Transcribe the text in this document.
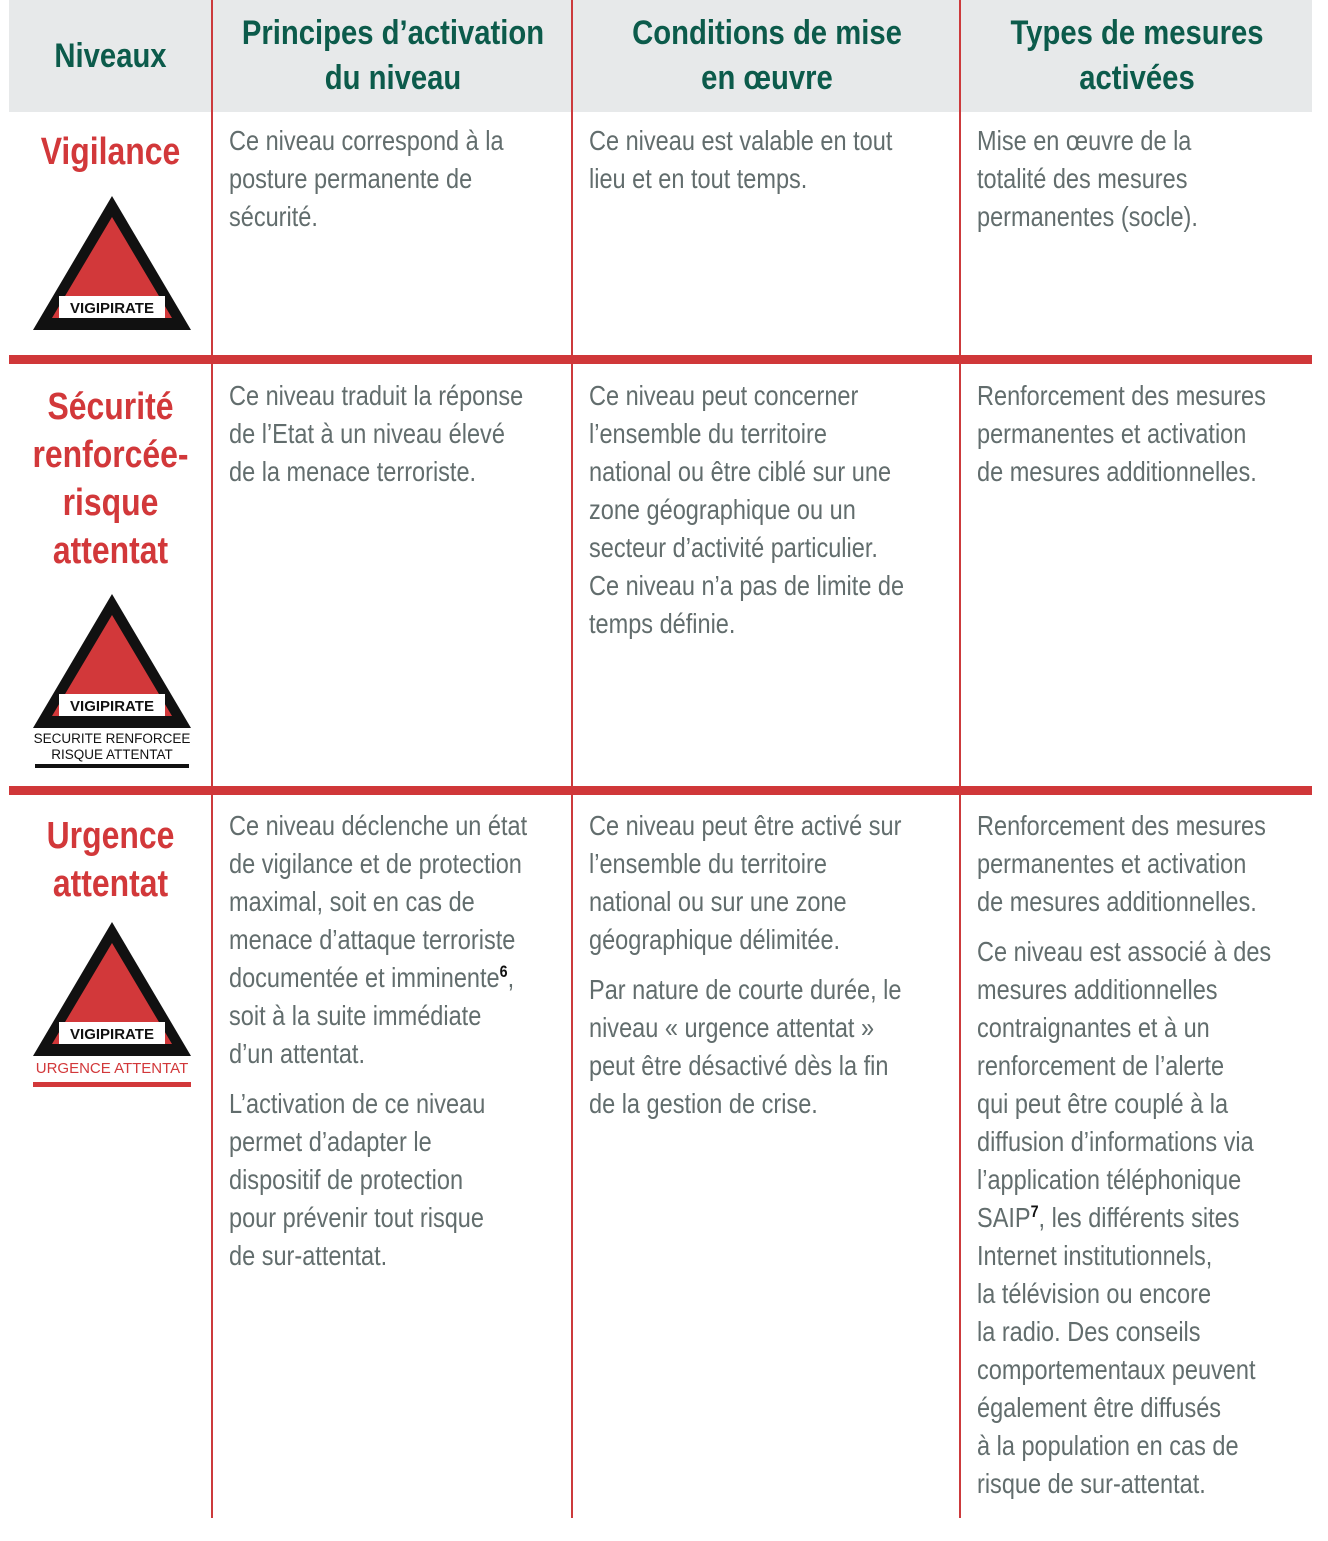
Niveaux
Principes d’activation
du niveau
Conditions de mise
en œuvre
Types de mesures
activées
Vigilance
VIGIPIRATE

Ce niveau correspond à la
posture permanente de
sécurité.

Ce niveau est valable en tout
lieu et en tout temps.

Mise en œuvre de la
totalité des mesures
permanentes (socle).

Sécurité
renforcée-
risque
attentat
VIGIPIRATE
SECURITE RENFORCEE
RISQUE ATTENTAT

Ce niveau traduit la réponse
de l’Etat à un niveau élevé
de la menace terroriste.

Ce niveau peut concerner
l’ensemble du territoire
national ou être ciblé sur une
zone géographique ou un
secteur d’activité particulier.
Ce niveau n’a pas de limite de
temps définie.

Renforcement des mesures
permanentes et activation
de mesures additionnelles.

Urgence
attentat
VIGIPIRATE
URGENCE ATTENTAT

Ce niveau déclenche un état
de vigilance et de protection
maximal, soit en cas de
menace d’attaque terroriste
documentée et imminente$^6$,
soit à la suite immédiate
d’un attentat.

L’activation de ce niveau
permet d’adapter le
dispositif de protection
pour prévenir tout risque
de sur-attentat.

Ce niveau peut être activé sur
l’ensemble du territoire
national ou sur une zone
géographique délimitée.

Par nature de courte durée, le
niveau « urgence attentat »
peut être désactivé dès la fin
de la gestion de crise.

Renforcement des mesures
permanentes et activation
de mesures additionnelles.

Ce niveau est associé à des
mesures additionnelles
contraignantes et à un
renforcement de l’alerte
qui peut être couplé à la
diffusion d’informations via
l’application téléphonique
SAIP$^7$, les différents sites
Internet institutionnels,
la télévision ou encore
la radio. Des conseils
comportementaux peuvent
également être diffusés
à la population en cas de
risque de sur-attentat.
